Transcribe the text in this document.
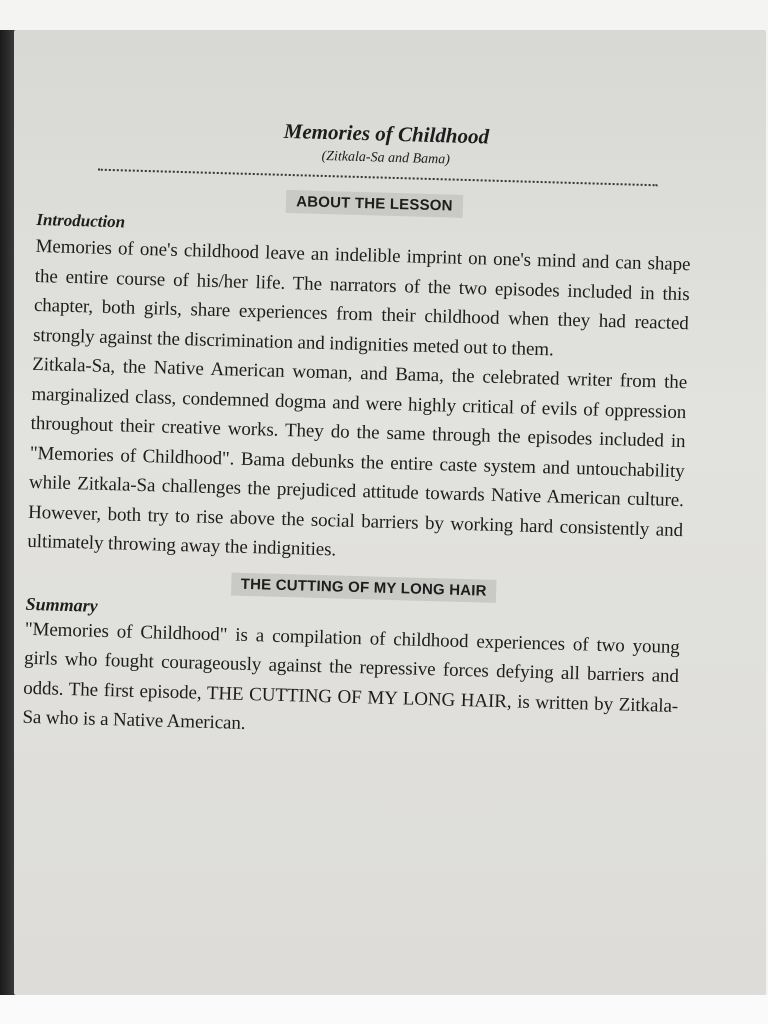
Memories of Childhood
(Zitkala-Sa and Bama)
ABOUT THE LESSON
Introduction

Memories of one's childhood leave an indelible imprint on one's mind and can shape the entire course of his/her life. The narrators of the two episodes included in this chapter, both girls, share experiences from their childhood when they had reacted strongly against the discrimination and indignities meted out to them.

Zitkala-Sa, the Native American woman, and Bama, the celebrated writer from the marginalized class, condemned dogma and were highly critical of evils of oppression throughout their creative works. They do the same through the episodes included in "Memories of Childhood". Bama debunks the entire caste system and untouchability while Zitkala-Sa challenges the prejudiced attitude towards Native American culture. However, both try to rise above the social barriers by working hard consistently and ultimately throwing away the indignities.

THE CUTTING OF MY LONG HAIR
Summary

"Memories of Childhood" is a compilation of childhood experiences of two young girls who fought courageously against the repressive forces defying all barriers and odds. The first episode, THE CUTTING OF MY LONG HAIR, is written by Zitkala-Sa who is a Native American.
